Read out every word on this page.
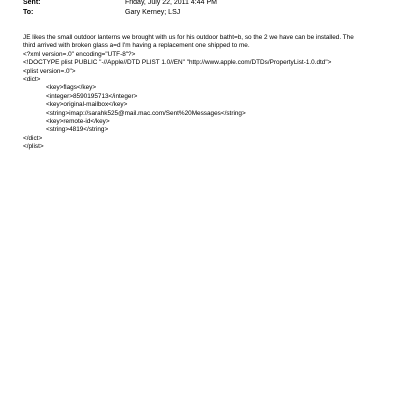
Sent:	Friday, July 22, 2011 4:44 PM
To:	Gary Kerney; LSJ
JE likes the small outdoor lanterns we brought with us for his outdoor batht=b, so the 2 we have can be installed. The
third arrived with broken glass a=d I'm having a replacement one shipped to me.
<?xml version=.0" encoding="UTF-8"?>
<!DOCTYPE plist PUBLIC "-//Apple//DTD PLIST 1.0//EN" "http://www.apple.com/DTDs/PropertyList-1.0.dtd">
<plist version=.0">
<dict>
<key>flags</key>
<integer>8590195713</integer>
<key>original-mailbox</key>
<string>imap://sarahk525@mail.mac.com/Sent%20Messages</string>
<key>remote-id</key>
<string>4819</string>
</dict>
</plist>
